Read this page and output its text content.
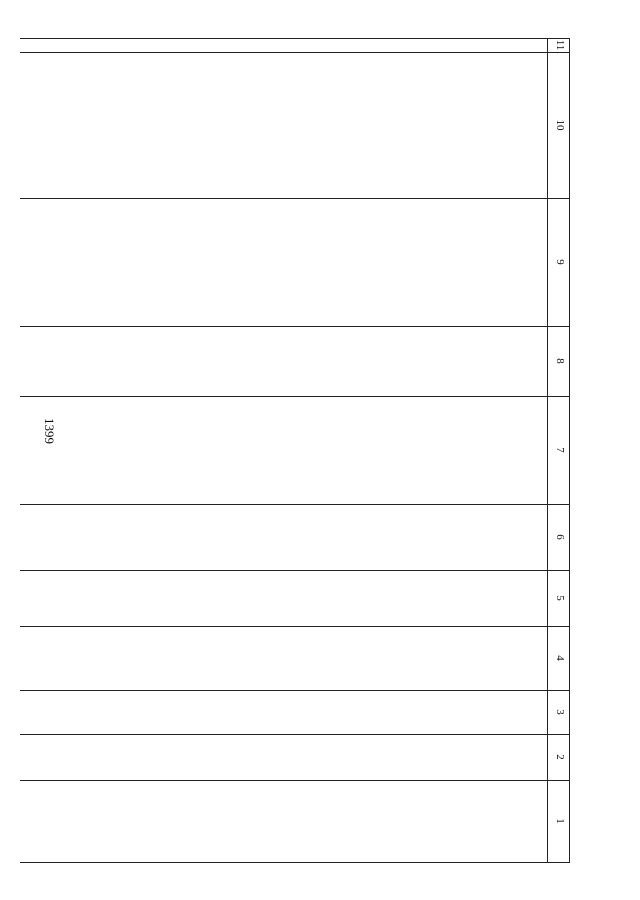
1399
11
10
9
8
7
6
5
4
3
2
1
